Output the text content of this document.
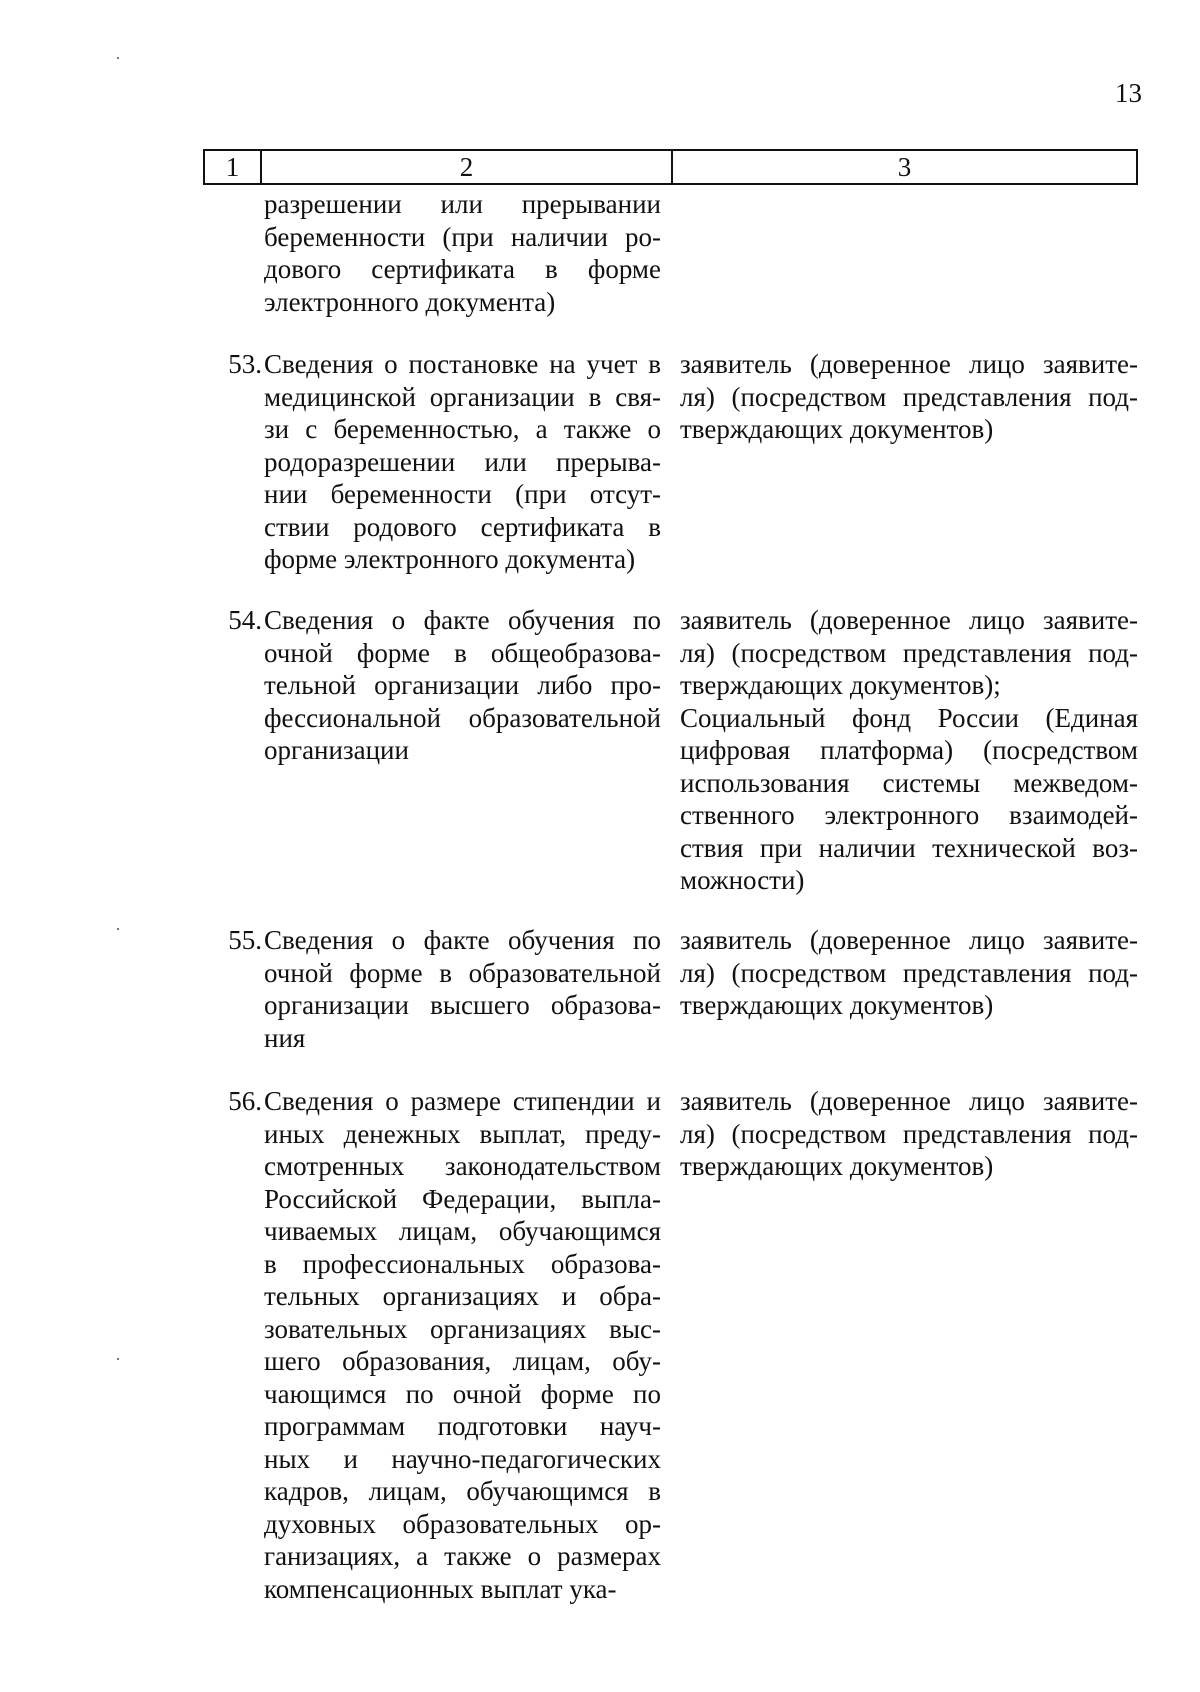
13
1	2	3
разрешении или прерывании
беременности (при наличии ро-
дового сертификата в форме
электронного документа)
53. Сведения о постановке на учет в
медицинской организации в свя-
зи с беременностью, а также о
родоразрешении или прерыва-
нии беременности (при отсут-
ствии родового сертификата в
форме электронного документа)
заявитель (доверенное лицо заявите-
ля) (посредством представления под-
тверждающих документов)
54. Сведения о факте обучения по
очной форме в общеобразова-
тельной организации либо про-
фессиональной образовательной
организации
заявитель (доверенное лицо заявите-
ля) (посредством представления под-
тверждающих документов);
Социальный фонд России (Единая
цифровая платформа) (посредством
использования системы межведом-
ственного электронного взаимодей-
ствия при наличии технической воз-
можности)
55. Сведения о факте обучения по
очной форме в образовательной
организации высшего образова-
ния
заявитель (доверенное лицо заявите-
ля) (посредством представления под-
тверждающих документов)
56. Сведения о размере стипендии и
иных денежных выплат, преду-
смотренных законодательством
Российской Федерации, выпла-
чиваемых лицам, обучающимся
в профессиональных образова-
тельных организациях и обра-
зовательных организациях выс-
шего образования, лицам, обу-
чающимся по очной форме по
программам подготовки науч-
ных и научно-педагогических
кадров, лицам, обучающимся в
духовных образовательных ор-
ганизациях, а также о размерах
компенсационных выплат ука-
заявитель (доверенное лицо заявите-
ля) (посредством представления под-
тверждающих документов)
